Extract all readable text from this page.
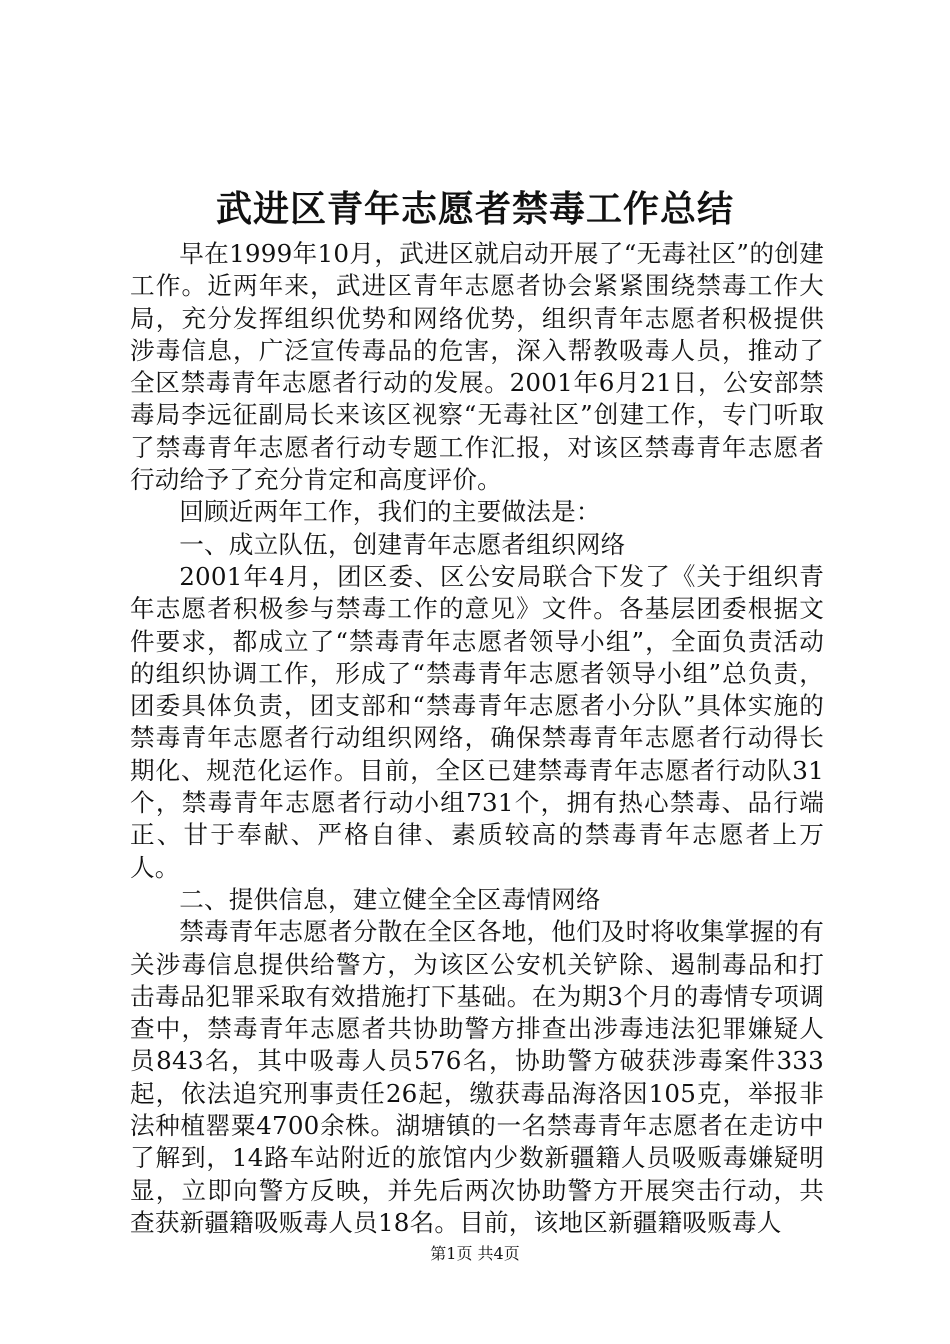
武进区青年志愿者禁毒工作总结

早在1999年10月，武进区就启动开展了“无毒社区”的创建工作。近两年来，武进区青年志愿者协会紧紧围绕禁毒工作大局，充分发挥组织优势和网络优势，组织青年志愿者积极提供涉毒信息，广泛宣传毒品的危害，深入帮教吸毒人员，推动了全区禁毒青年志愿者行动的发展。2001年6月21日，公安部禁毒局李远征副局长来该区视察“无毒社区”创建工作，专门听取了禁毒青年志愿者行动专题工作汇报，对该区禁毒青年志愿者行动给予了充分肯定和高度评价。

回顾近两年工作，我们的主要做法是：

一、成立队伍，创建青年志愿者组织网络

2001年4月，团区委、区公安局联合下发了《关于组织青年志愿者积极参与禁毒工作的意见》文件。各基层团委根据文件要求，都成立了“禁毒青年志愿者领导小组”，全面负责活动的组织协调工作，形成了“禁毒青年志愿者领导小组”总负责，团委具体负责，团支部和“禁毒青年志愿者小分队”具体实施的禁毒青年志愿者行动组织网络，确保禁毒青年志愿者行动得长期化、规范化运作。目前，全区已建禁毒青年志愿者行动队31个，禁毒青年志愿者行动小组731个，拥有热心禁毒、品行端正、甘于奉献、严格自律、素质较高的禁毒青年志愿者上万人。

二、提供信息，建立健全全区毒情网络

禁毒青年志愿者分散在全区各地，他们及时将收集掌握的有关涉毒信息提供给警方，为该区公安机关铲除、遏制毒品和打击毒品犯罪采取有效措施打下基础。在为期3个月的毒情专项调查中，禁毒青年志愿者共协助警方排查出涉毒违法犯罪嫌疑人员843名，其中吸毒人员576名，协助警方破获涉毒案件333起，依法追究刑事责任26起，缴获毒品海洛因105克，举报非法种植罂粟4700余株。湖塘镇的一名禁毒青年志愿者在走访中了解到，14路车站附近的旅馆内少数新疆籍人员吸贩毒嫌疑明显，立即向警方反映，并先后两次协助警方开展突击行动，共查获新疆籍吸贩毒人员18名。目前，该地区新疆籍吸贩毒人

第1页 共4页
